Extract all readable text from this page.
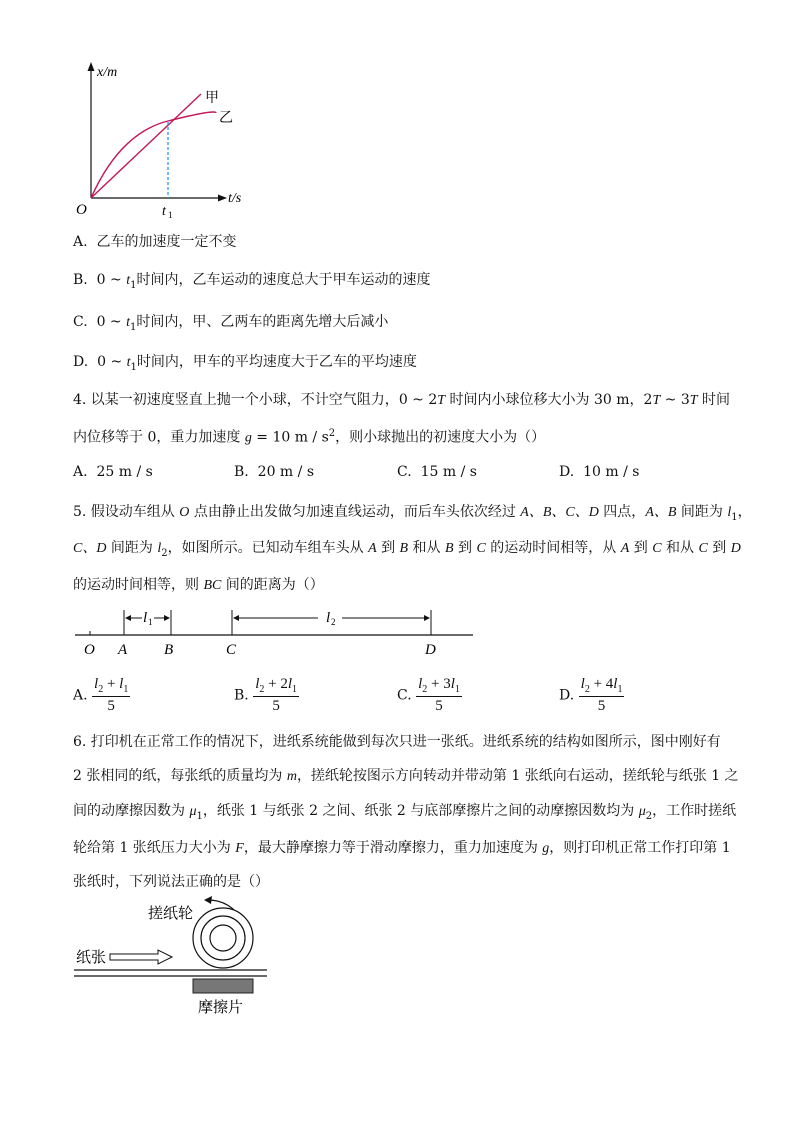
x/m
t/s
O	t 1
甲
乙
A. 乙车的加速度一定不变
B. 0 ~ $t_1$时间内，乙车运动的速度总大于甲车运动的速度
C. 0 ~ $t_1$时间内，甲、乙两车的距离先增大后减小
D. 0 ~ $t_1$时间内，甲车的平均速度大于乙车的平均速度
4. 以某一初速度竖直上抛一个小球，不计空气阻力，0 ~ 2T 时间内小球位移大小为 30 m，2T ~ 3T 时间
内位移等于 0，重力加速度 g = 10 m / $s^2$，则小球抛出的初速度大小为（）
A. 25 m / s	B. 20 m / s	C. 15 m / s	D. 10 m / s
5. 假设动车组从 O 点由静止出发做匀加速直线运动，而后车头依次经过 A、B、C、D 四点，A、B 间距为 $l_1$，
C、D 间距为 $l_2$，如图所示。已知动车组车头从 A 到 B 和从 B 到 C 的运动时间相等，从 A 到 C 和从 C 到 D
的运动时间相等，则 BC 间的距离为（）
l 1	l 2
O A B	C	D
A. $\frac{l_2 + l_1}{5}$	B. $\frac{l_2 + 2l_1}{5}$	C. $\frac{l_2 + 3l_1}{5}$	D. $\frac{l_2 + 4l_1}{5}$
6. 打印机在正常工作的情况下，进纸系统能做到每次只进一张纸。进纸系统的结构如图所示，图中刚好有
2 张相同的纸，每张纸的质量均为 m，搓纸轮按图示方向转动并带动第 1 张纸向右运动，搓纸轮与纸张 1 之
间的动摩擦因数为 $\mu_1$，纸张 1 与纸张 2 之间、纸张 2 与底部摩擦片之间的动摩擦因数均为 $\mu_2$，工作时搓纸
轮给第 1 张纸压力大小为 F，最大静摩擦力等于滑动摩擦力，重力加速度为 g，则打印机正常工作打印第 1
张纸时，下列说法正确的是（）
搓纸轮
纸张
摩擦片
